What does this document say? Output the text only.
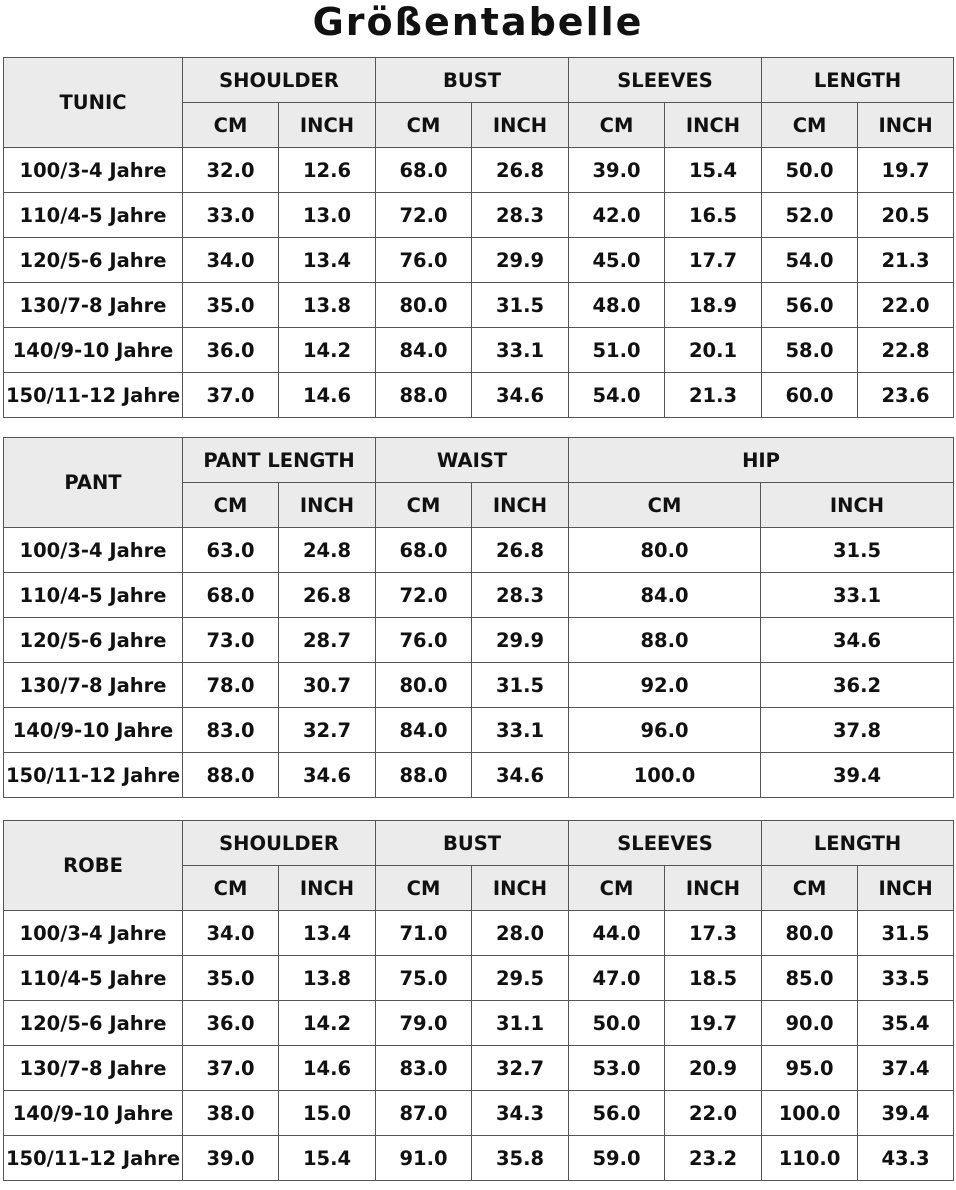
Größentabelle
TUNIC	SHOULDER		BUST		SLEEVES		LENGTH	
	CM	INCH	CM	INCH	CM	INCH	CM	INCH
100/3-4 Jahre	32.0	12.6	68.0	26.8	39.0	15.4	50.0	19.7
110/4-5 Jahre	33.0	13.0	72.0	28.3	42.0	16.5	52.0	20.5
120/5-6 Jahre	34.0	13.4	76.0	29.9	45.0	17.7	54.0	21.3
130/7-8 Jahre	35.0	13.8	80.0	31.5	48.0	18.9	56.0	22.0
140/9-10 Jahre	36.0	14.2	84.0	33.1	51.0	20.1	58.0	22.8
150/11-12 Jahre	37.0	14.6	88.0	34.6	54.0	21.3	60.0	23.6
PANT	PANT LENGTH		WAIST		HIP	
	CM	INCH	CM	INCH	CM	INCH
100/3-4 Jahre	63.0	24.8	68.0	26.8	80.0	31.5
110/4-5 Jahre	68.0	26.8	72.0	28.3	84.0	33.1
120/5-6 Jahre	73.0	28.7	76.0	29.9	88.0	34.6
130/7-8 Jahre	78.0	30.7	80.0	31.5	92.0	36.2
140/9-10 Jahre	83.0	32.7	84.0	33.1	96.0	37.8
150/11-12 Jahre	88.0	34.6	88.0	34.6	100.0	39.4
ROBE	SHOULDER		BUST		SLEEVES		LENGTH	
	CM	INCH	CM	INCH	CM	INCH	CM	INCH
100/3-4 Jahre	34.0	13.4	71.0	28.0	44.0	17.3	80.0	31.5
110/4-5 Jahre	35.0	13.8	75.0	29.5	47.0	18.5	85.0	33.5
120/5-6 Jahre	36.0	14.2	79.0	31.1	50.0	19.7	90.0	35.4
130/7-8 Jahre	37.0	14.6	83.0	32.7	53.0	20.9	95.0	37.4
140/9-10 Jahre	38.0	15.0	87.0	34.3	56.0	22.0	100.0	39.4
150/11-12 Jahre	39.0	15.4	91.0	35.8	59.0	23.2	110.0	43.3
